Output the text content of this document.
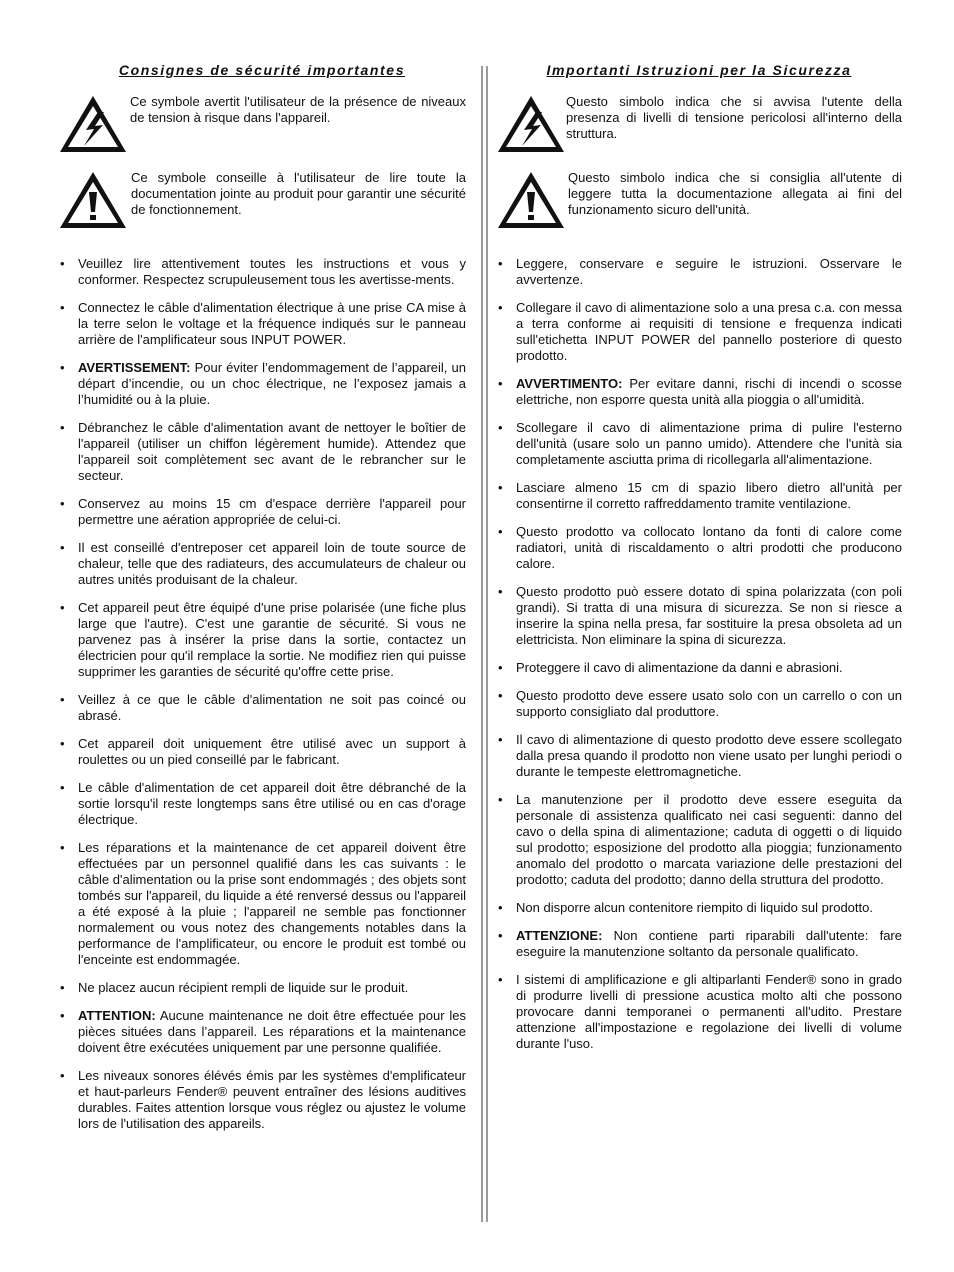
Consignes de sécurité importantes

Ce symbole avertit l'utilisateur de la présence de niveaux de tension à risque dans l'appareil.

Ce symbole conseille à l'utilisateur de lire toute la documentation jointe au produit pour garantir une sécurité de fonctionnement.

• Veuillez lire attentivement toutes les instructions et vous y conformer. Respectez scrupuleusement tous les avertisse-ments.
• Connectez le câble d'alimentation électrique à une prise CA mise à la terre selon le voltage et la fréquence indiqués sur le panneau arrière de l'amplificateur sous INPUT POWER.
• AVERTISSEMENT: Pour éviter l’endommagement de l’appareil, un départ d’incendie, ou un choc électrique, ne l’exposez jamais a l’humidité ou à la pluie.
• Débranchez le câble d'alimentation avant de nettoyer le boîtier de l'appareil (utiliser un chiffon légèrement humide). Attendez que l'appareil soit complètement sec avant de le rebrancher sur le secteur.
• Conservez au moins 15 cm d'espace derrière l'appareil pour permettre une aération appropriée de celui-ci.
• Il est conseillé d'entreposer cet appareil loin de toute source de chaleur, telle que des radiateurs, des accumulateurs de chaleur ou autres unités produisant de la chaleur.
• Cet appareil peut être équipé d'une prise polarisée (une fiche plus large que l'autre). C'est une garantie de sécurité. Si vous ne parvenez pas à insérer la prise dans la sortie, contactez un électricien pour qu'il remplace la sortie. Ne modifiez rien qui puisse supprimer les garanties de sécurité qu'offre cette prise.
• Veillez à ce que le câble d'alimentation ne soit pas coincé ou abrasé.
• Cet appareil doit uniquement être utilisé avec un support à roulettes ou un pied conseillé par le fabricant.
• Le câble d'alimentation de cet appareil doit être débranché de la sortie lorsqu'il reste longtemps sans être utilisé ou en cas d'orage électrique.
• Les réparations et la maintenance de cet appareil doivent être effectuées par un personnel qualifié dans les cas suivants : le câble d'alimentation ou la prise sont endommagés ; des objets sont tombés sur l'appareil, du liquide a été renversé dessus ou l'appareil a été exposé à la pluie ; l'appareil ne semble pas fonctionner normalement ou vous notez des changements notables dans la performance de l'amplificateur, ou encore le produit est tombé ou l'enceinte est endommagée.
• Ne placez aucun récipient rempli de liquide sur le produit.
• ATTENTION: Aucune maintenance ne doit être effectuée pour les pièces situées dans l’appareil. Les réparations et la maintenance doivent être exécutées uniquement par une personne qualifiée.
• Les niveaux sonores élévés émis par les systèmes d'emplificateur et haut-parleurs Fender® peuvent entraîner des lésions auditives durables. Faites attention lorsque vous réglez ou ajustez le volume lors de l'utilisation des appareils.
Importanti Istruzioni per la Sicurezza

Questo simbolo indica che si avvisa l'utente della presenza di livelli di tensione pericolosi all'interno della struttura.

Questo simbolo indica che si consiglia all'utente di leggere tutta la documentazione allegata ai fini del funzionamento sicuro dell'unità.

• Leggere, conservare e seguire le istruzioni. Osservare le avvertenze.
• Collegare il cavo di alimentazione solo a una presa c.a. con messa a terra conforme ai requisiti di tensione e frequenza indicati sull'etichetta INPUT POWER del pannello posteriore di questo prodotto.
• AVVERTIMENTO: Per evitare danni, rischi di incendi o scosse elettriche, non esporre questa unità alla pioggia o all'umidità.
• Scollegare il cavo di alimentazione prima di pulire l'esterno dell'unità (usare solo un panno umido). Attendere che l'unità sia completamente asciutta prima di ricollegarla all'alimentazione.
• Lasciare almeno 15 cm di spazio libero dietro all'unità per consentirne il corretto raffreddamento tramite ventilazione.
• Questo prodotto va collocato lontano da fonti di calore come radiatori, unità di riscaldamento o altri prodotti che producono calore.
• Questo prodotto può essere dotato di spina polarizzata (con poli grandi). Si tratta di una misura di sicurezza. Se non si riesce a inserire la spina nella presa, far sostituire la presa obsoleta ad un elettricista. Non eliminare la spina di sicurezza.
• Proteggere il cavo di alimentazione da danni e abrasioni.
• Questo prodotto deve essere usato solo con un carrello o con un supporto consigliato dal produttore.
• Il cavo di alimentazione di questo prodotto deve essere scollegato dalla presa quando il prodotto non viene usato per lunghi periodi o durante le tempeste elettromagnetiche.
• La manutenzione per il prodotto deve essere eseguita da personale di assistenza qualificato nei casi seguenti: danno del cavo o della spina di alimentazione; caduta di oggetti o di liquido sul prodotto; esposizione del prodotto alla pioggia; funzionamento anomalo del prodotto o marcata variazione delle prestazioni del prodotto; caduta del prodotto; danno della struttura del prodotto.
• Non disporre alcun contenitore riempito di liquido sul prodotto.
• ATTENZIONE: Non contiene parti riparabili dall'utente: fare eseguire la manutenzione soltanto da personale qualificato.
• I sistemi di amplificazione e gli altiparlanti Fender® sono in grado di produrre livelli di pressione acustica molto alti che possono provocare danni temporanei o permanenti all'udito. Prestare attenzione all'impostazione e regolazione dei livelli di volume durante l'uso.
